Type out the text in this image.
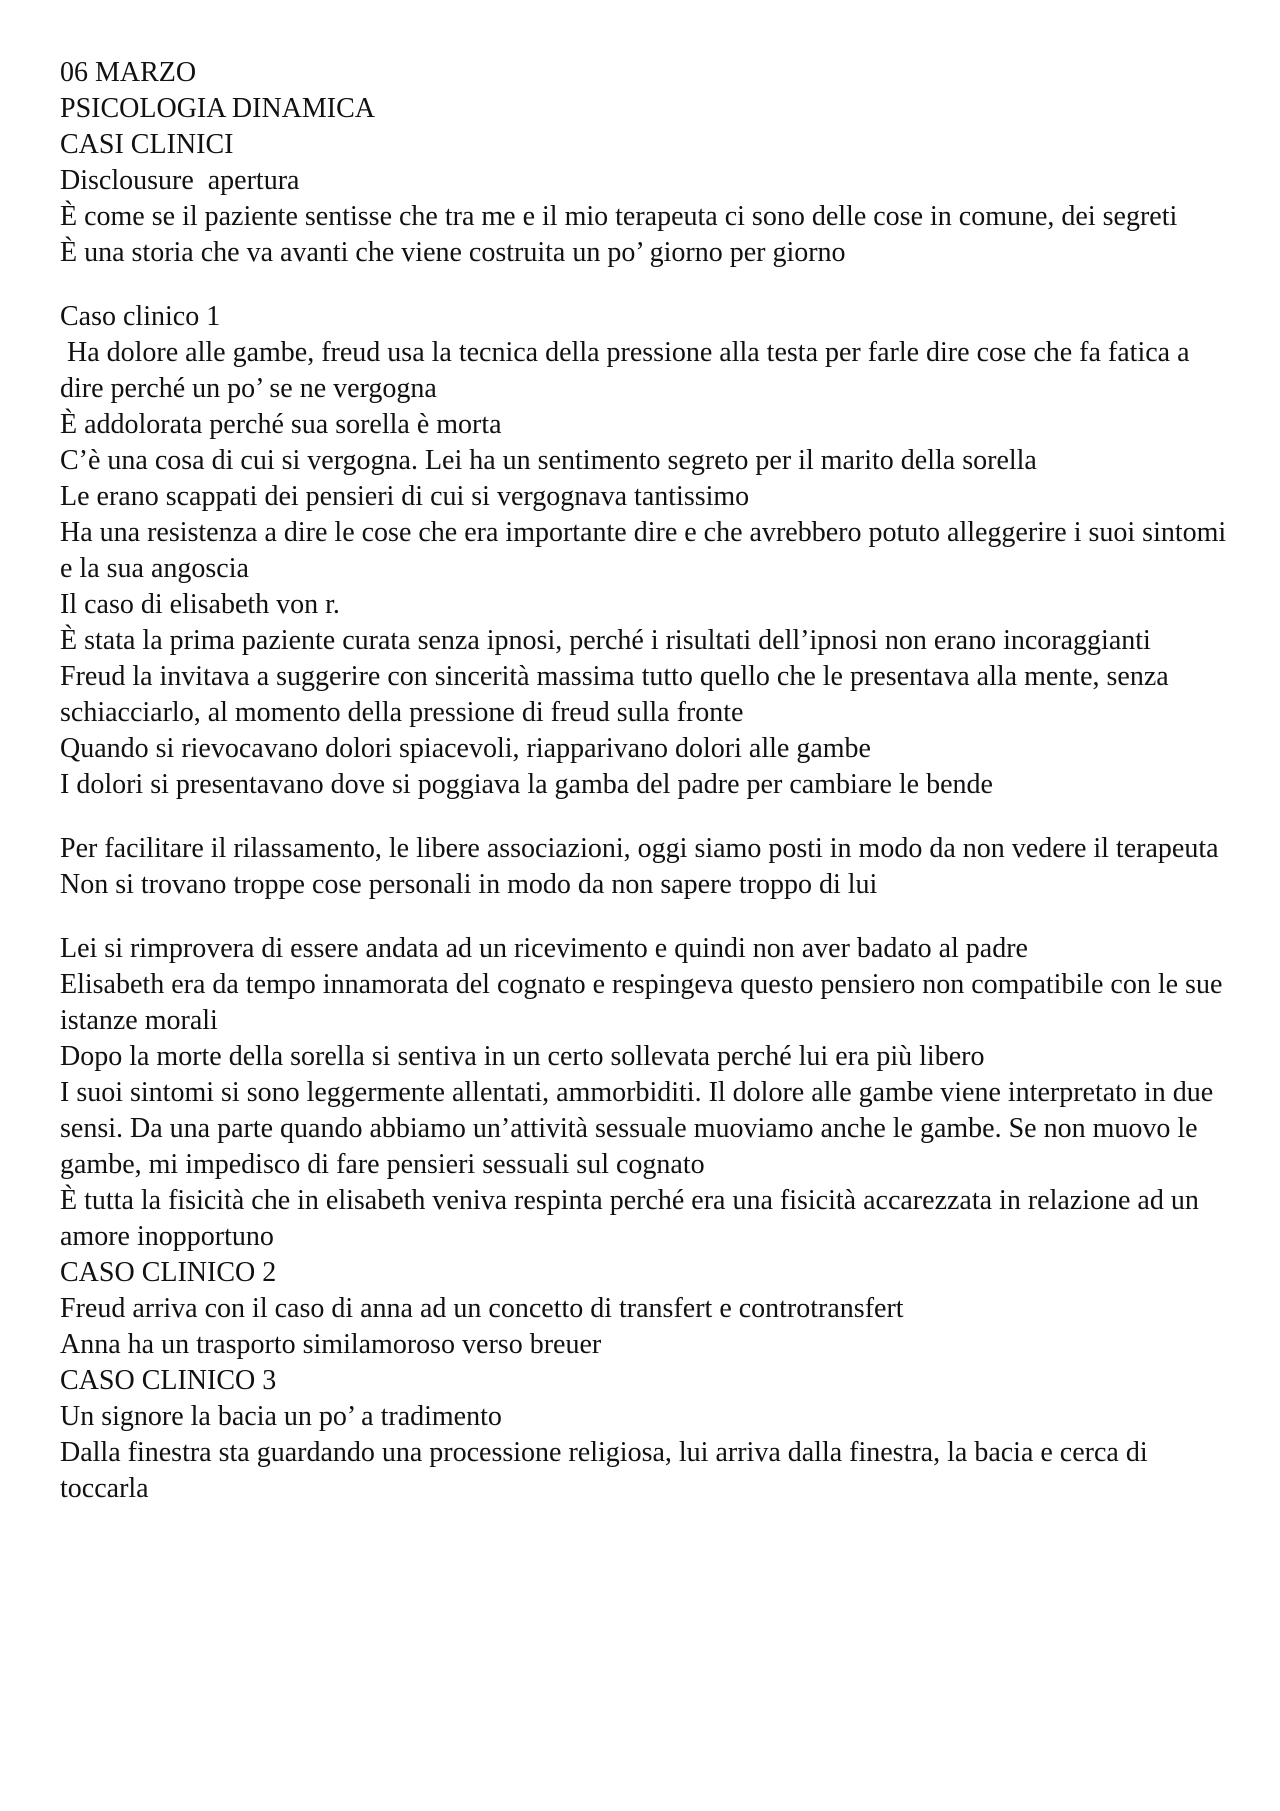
06 MARZO

PSICOLOGIA DINAMICA

CASI CLINICI

Disclousure  apertura

È come se il paziente sentisse che tra me e il mio terapeuta ci sono delle cose in comune, dei segreti

È una storia che va avanti che viene costruita un po’ giorno per giorno

Caso clinico 1

Ha dolore alle gambe, freud usa la tecnica della pressione alla testa per farle dire cose che fa fatica a dire perché un po’ se ne vergogna

È addolorata perché sua sorella è morta

C’è una cosa di cui si vergogna. Lei ha un sentimento segreto per il marito della sorella

Le erano scappati dei pensieri di cui si vergognava tantissimo

Ha una resistenza a dire le cose che era importante dire e che avrebbero potuto alleggerire i suoi sintomi e la sua angoscia

Il caso di elisabeth von r.

È stata la prima paziente curata senza ipnosi, perché i risultati dell’ipnosi non erano incoraggianti

Freud la invitava a suggerire con sincerità massima tutto quello che le presentava alla mente, senza schiacciarlo, al momento della pressione di freud sulla fronte

Quando si rievocavano dolori spiacevoli, riapparivano dolori alle gambe

I dolori si presentavano dove si poggiava la gamba del padre per cambiare le bende

Per facilitare il rilassamento, le libere associazioni, oggi siamo posti in modo da non vedere il terapeuta

Non si trovano troppe cose personali in modo da non sapere troppo di lui

Lei si rimprovera di essere andata ad un ricevimento e quindi non aver badato al padre

Elisabeth era da tempo innamorata del cognato e respingeva questo pensiero non compatibile con le sue istanze morali

Dopo la morte della sorella si sentiva in un certo sollevata perché lui era più libero

I suoi sintomi si sono leggermente allentati, ammorbiditi. Il dolore alle gambe viene interpretato in due sensi. Da una parte quando abbiamo un’attività sessuale muoviamo anche le gambe. Se non muovo le gambe, mi impedisco di fare pensieri sessuali sul cognato

È tutta la fisicità che in elisabeth veniva respinta perché era una fisicità accarezzata in relazione ad un amore inopportuno

CASO CLINICO 2

Freud arriva con il caso di anna ad un concetto di transfert e controtransfert

Anna ha un trasporto similamoroso verso breuer

CASO CLINICO 3

Un signore la bacia un po’ a tradimento

Dalla finestra sta guardando una processione religiosa, lui arriva dalla finestra, la bacia e cerca di toccarla
